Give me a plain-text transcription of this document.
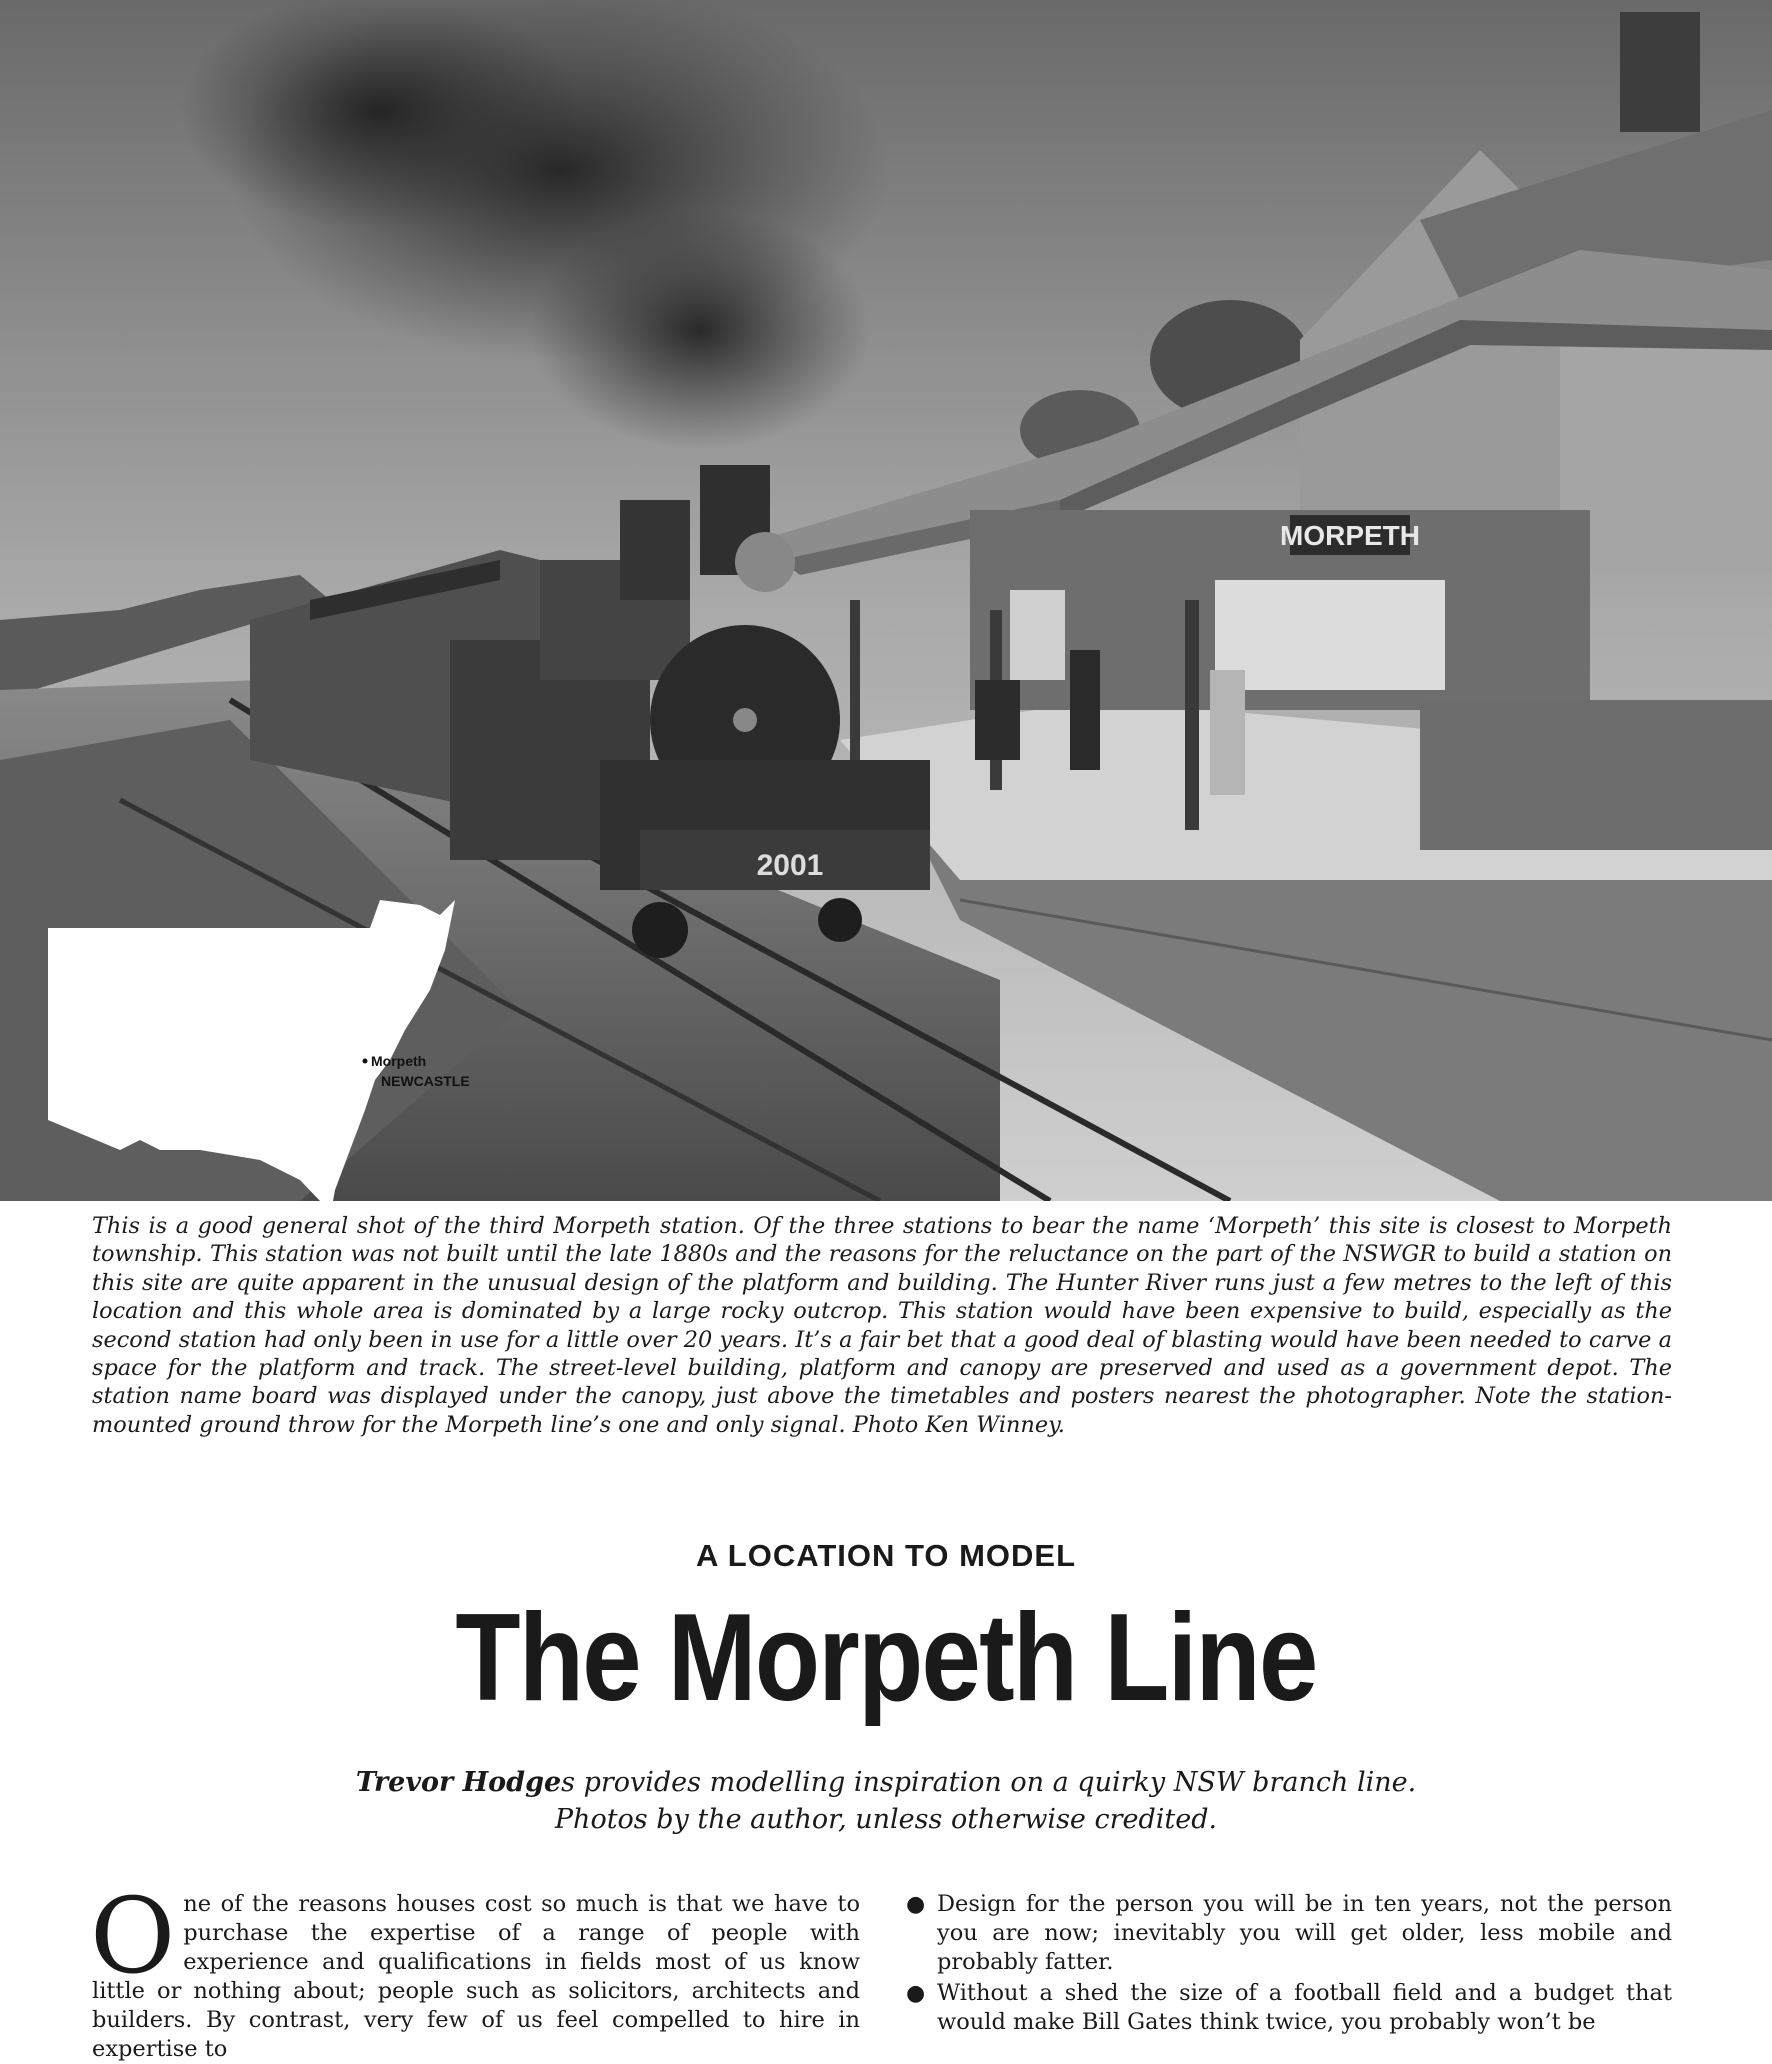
MORPETH
2001
Morpeth
NEWCASTLE
This is a good general shot of the third Morpeth station. Of the three stations to bear the name ‘Morpeth’ this site is closest to Morpeth township. This station was not built until the late 1880s and the reasons for the reluctance on the part of the NSWGR to build a station on this site are quite apparent in the unusual design of the platform and building. The Hunter River runs just a few metres to the left of this location and this whole area is dominated by a large rocky outcrop. This station would have been expensive to build, especially as the second station had only been in use for a little over 20 years. It’s a fair bet that a good deal of blasting would have been needed to carve a space for the platform and track. The street-level building, platform and canopy are preserved and used as a government depot. The station name board was displayed under the canopy, just above the timetables and posters nearest the photographer. Note the station-mounted ground throw for the Morpeth line’s one and only signal. Photo Ken Winney.
A LOCATION TO MODEL
The Morpeth Line
Trevor Hodges provides modelling inspiration on a quirky NSW branch line.
Photos by the author, unless otherwise credited.
One of the reasons houses cost so much is that we have to purchase the expertise of a range of people with experience and qualifications in fields most of us know little or nothing about; people such as solicitors, architects and builders. By contrast, very few of us feel compelled to hire in expertise to
● Design for the person you will be in ten years, not the person you are now; inevitably you will get older, less mobile and probably fatter.
● Without a shed the size of a football field and a budget that would make Bill Gates think twice, you probably won’t be
